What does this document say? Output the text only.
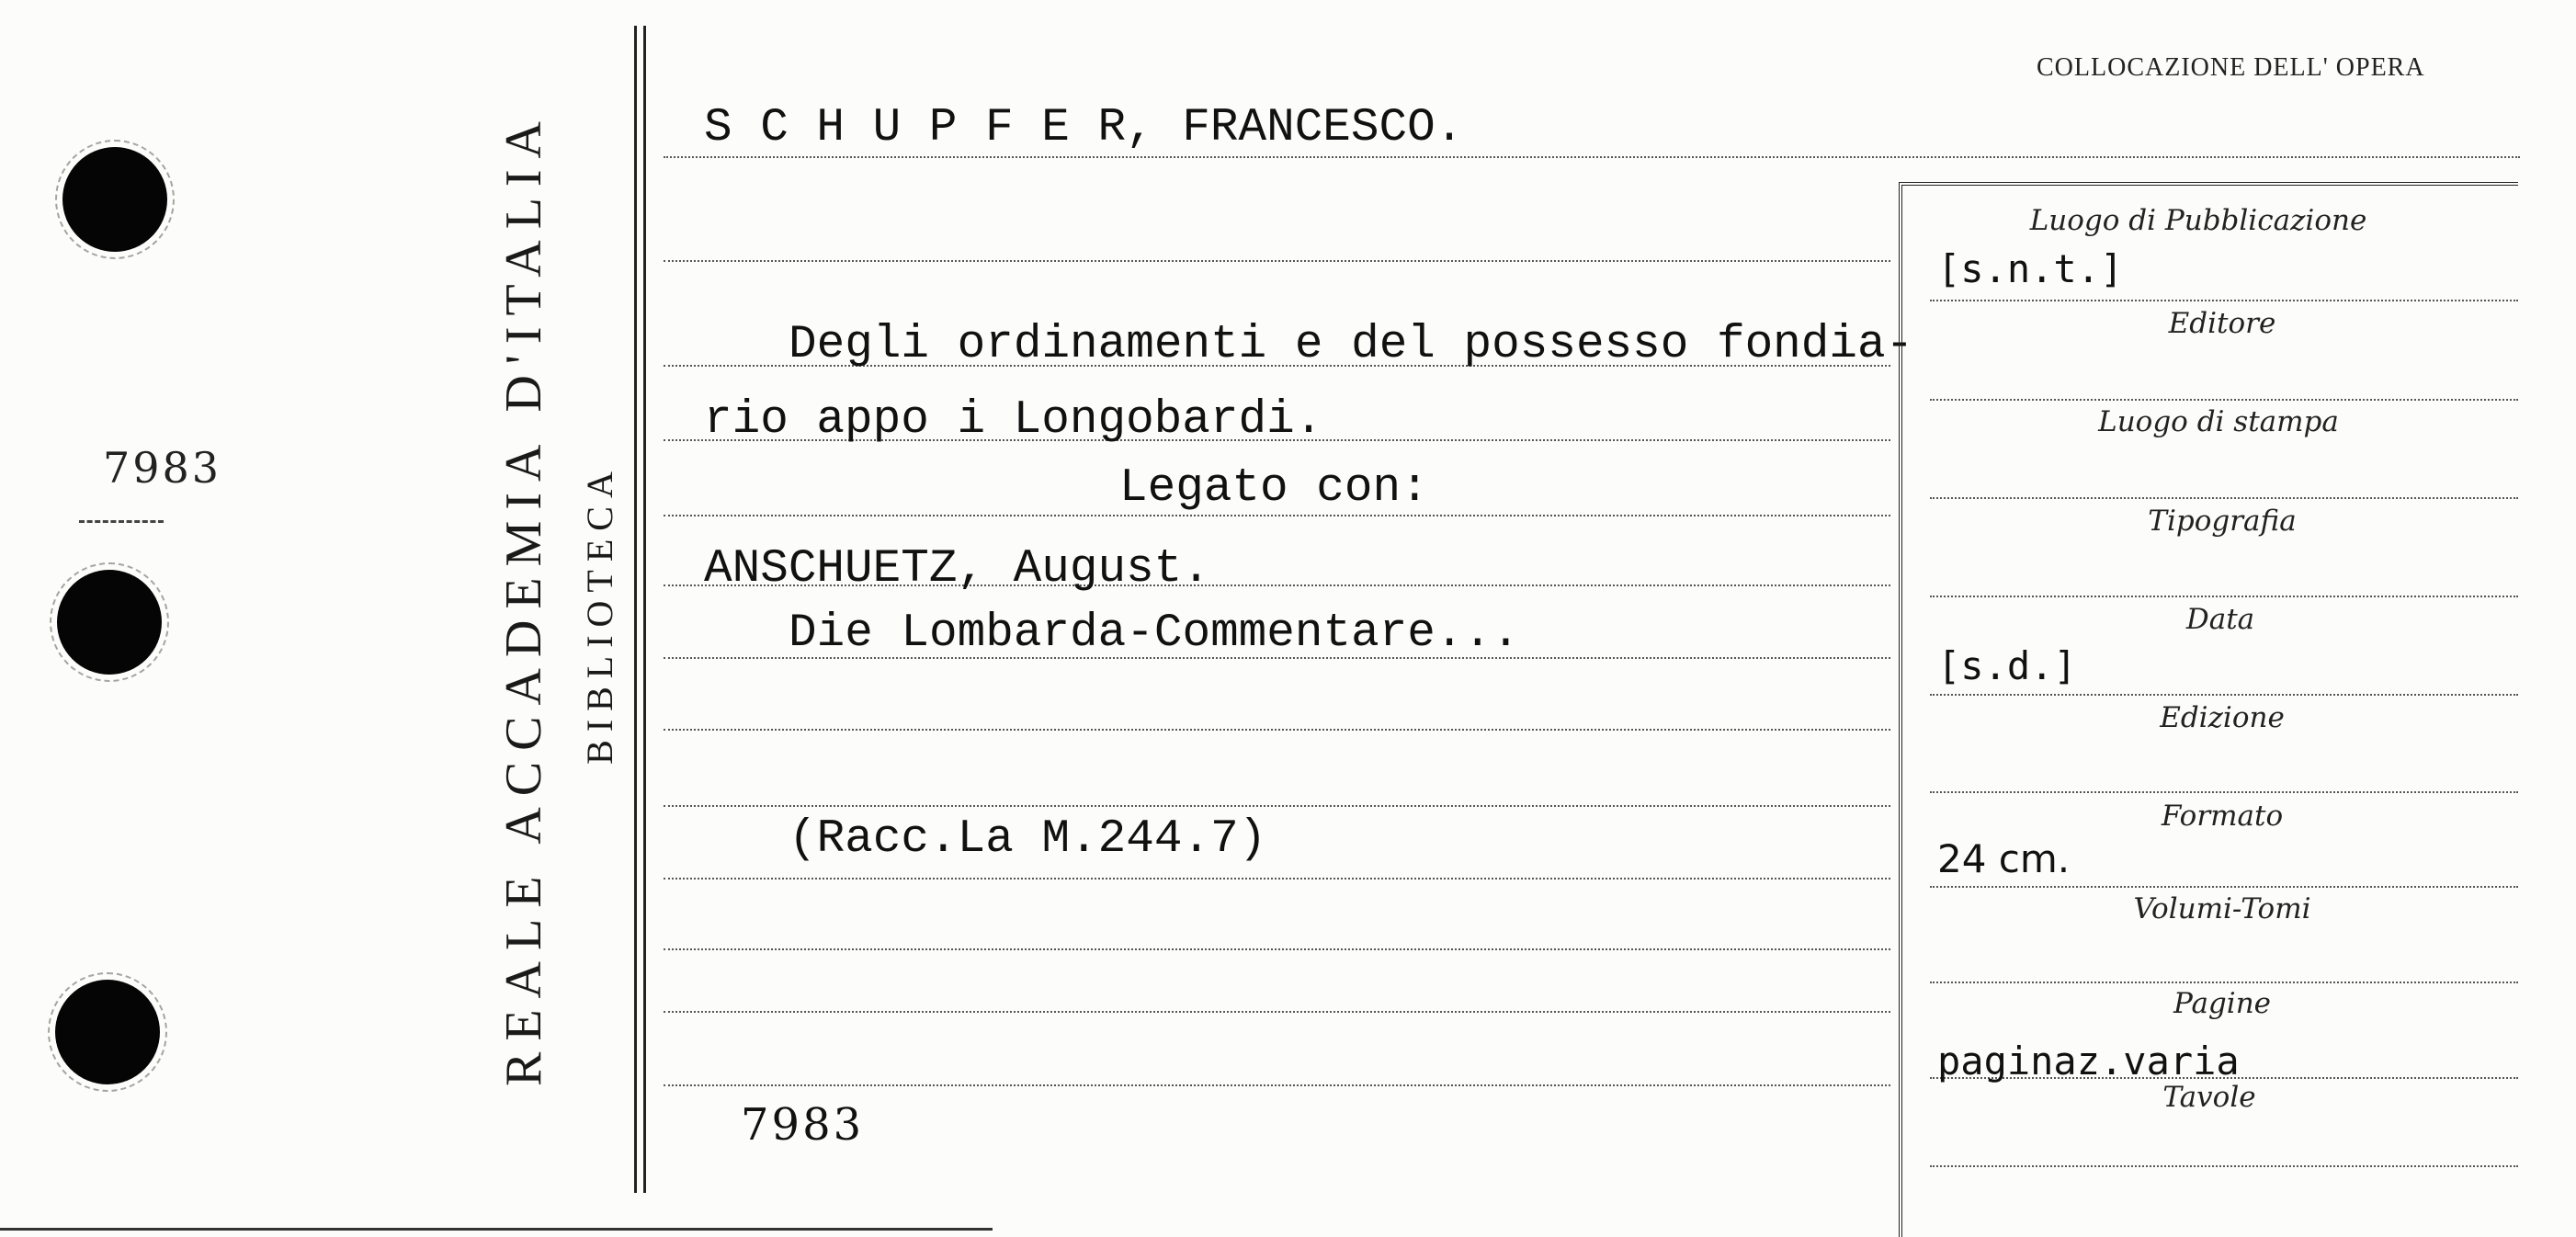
7983	REALE ACCADEMIA D'ITALIA BIBLIOTECA
COLLOCAZIONE DELL' OPERA
S C H U P F E R, FRANCESCO.
Degli ordinamenti e del possesso fondia-
rio appo i Longobardi.
Legato con:
ANSCHUETZ, August.
Die Lombarda-Commentare...
(Racc.La M.244.7)
7983
Luogo di Pubblicazione
Editore
Luogo di stampa
Tipografia
Data
Edizione
Formato
Volumi-Tomi
Pagine
Tavole
[s.n.t.]
[s.d.]
24 cm.
paginaz.varia
